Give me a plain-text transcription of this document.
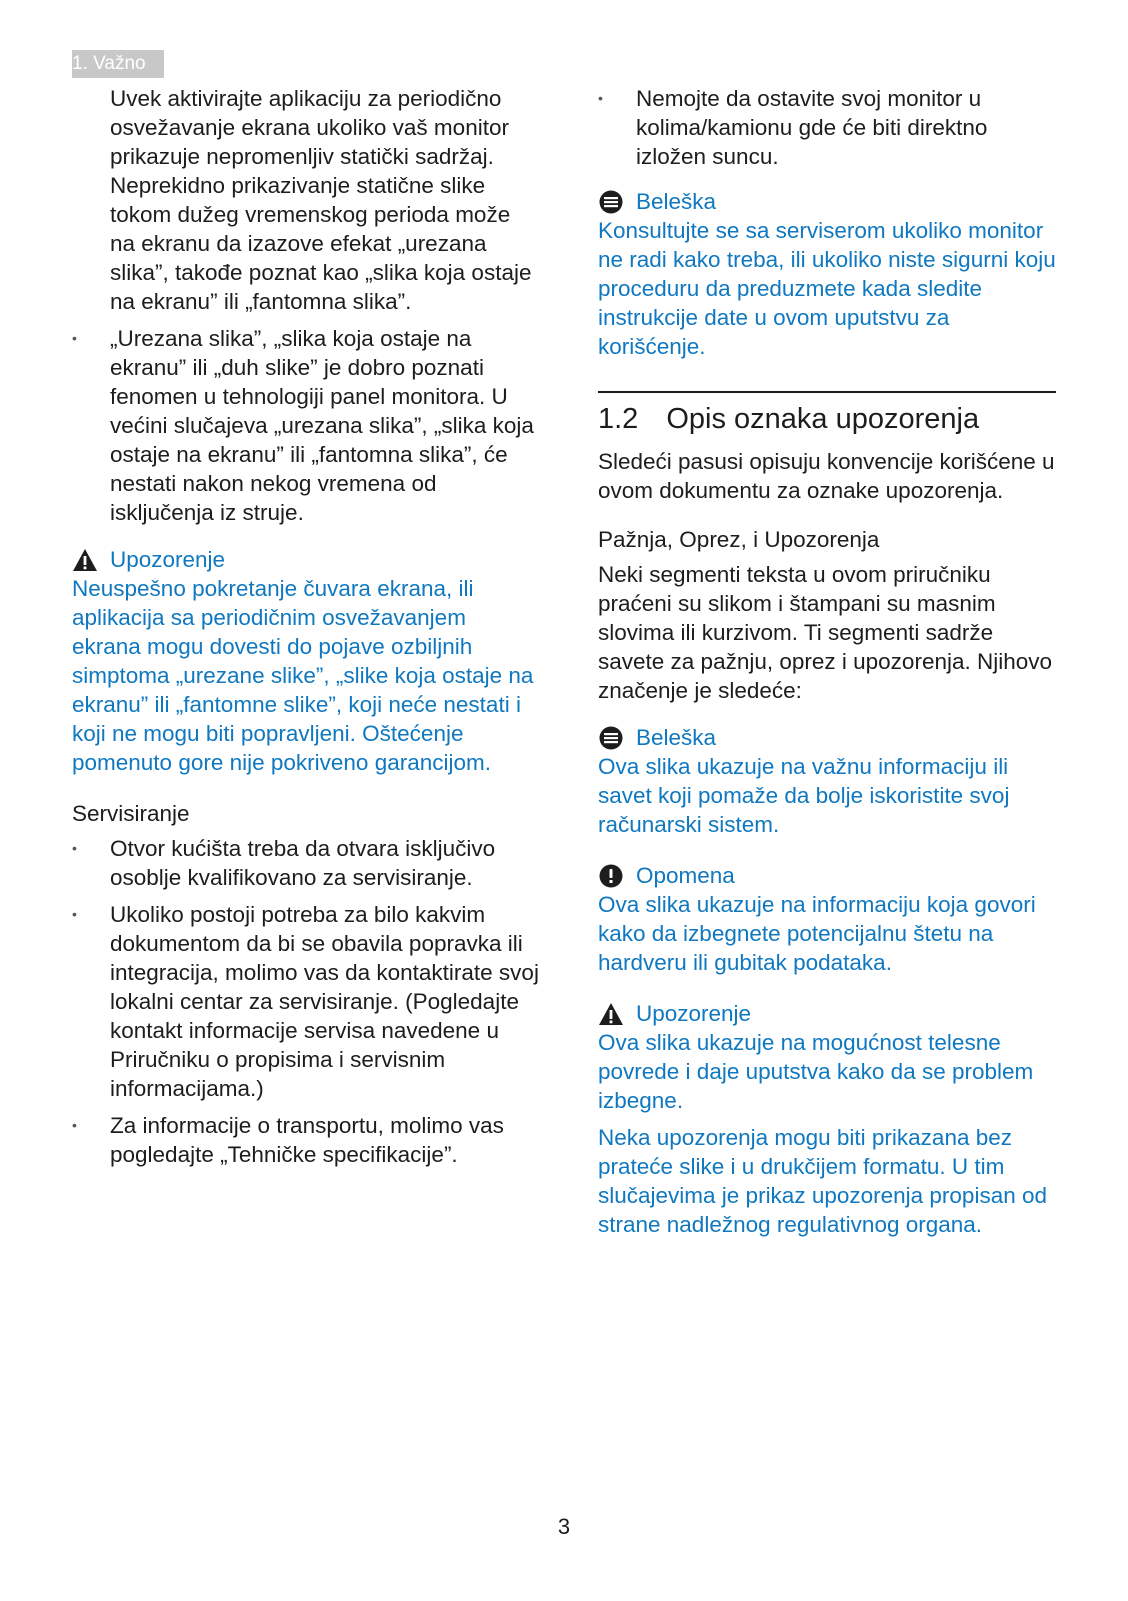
1. Važno

Uvek aktivirajte aplikaciju za periodično osvežavanje ekrana ukoliko vaš monitor prikazuje nepromenljiv statički sadržaj. Neprekidno prikazivanje statične slike tokom dužeg vremenskog perioda može na ekranu da izazove efekat „urezana slika”, takođe poznat kao „slika koja ostaje na ekranu” ili „fantomna slika”.

• „Urezana slika”, „slika koja ostaje na ekranu” ili „duh slike” je dobro poznati fenomen u tehnologiji panel monitora. U većini slučajeva „urezana slika”, „slika koja ostaje na ekranu” ili „fantomna slika”, će nestati nakon nekog vremena od isključenja iz struje.
Upozorenje

Neuspešno pokretanje čuvara ekrana, ili aplikacija sa periodičnim osvežavanjem ekrana mogu dovesti do pojave ozbiljnih simptoma „urezane slike”, „slike koja ostaje na ekranu” ili „fantomne slike”, koji neće nestati i koji ne mogu biti popravljeni. Oštećenje pomenuto gore nije pokriveno garancijom.

Servisiranje

• Otvor kućišta treba da otvara isključivo osoblje kvalifikovano za servisiranje.
• Ukoliko postoji potreba za bilo kakvim dokumentom da bi se obavila popravka ili integracija, molimo vas da kontaktirate svoj lokalni centar za servisiranje. (Pogledajte kontakt informacije servisa navedene u Priručniku o propisima i servisnim informacijama.)
• Za informacije o transportu, molimo vas pogledajte „Tehničke specifikacije”.
• Nemojte da ostavite svoj monitor u kolima/kamionu gde će biti direktno izložen suncu.
Beleška

Konsultujte se sa serviserom ukoliko monitor ne radi kako treba, ili ukoliko niste sigurni koju proceduru da preduzmete kada sledite instrukcije date u ovom uputstvu za korišćenje.

1.2 Opis oznaka upozorenja

Sledeći pasusi opisuju konvencije korišćene u ovom dokumentu za oznake upozorenja.

Pažnja, Oprez, i Upozorenja

Neki segmenti teksta u ovom priručniku praćeni su slikom i štampani su masnim slovima ili kurzivom. Ti segmenti sadrže savete za pažnju, oprez i upozorenja. Njihovo značenje je sledeće:

Beleška

Ova slika ukazuje na važnu informaciju ili savet koji pomaže da bolje iskoristite svoj računarski sistem.

Opomena

Ova slika ukazuje na informaciju koja govori kako da izbegnete potencijalnu štetu na hardveru ili gubitak podataka.

Upozorenje

Ova slika ukazuje na mogućnost telesne povrede i daje uputstva kako da se problem izbegne.

Neka upozorenja mogu biti prikazana bez prateće slike i u drukčijem formatu. U tim slučajevima je prikaz upozorenja propisan od strane nadležnog regulativnog organa.

3
